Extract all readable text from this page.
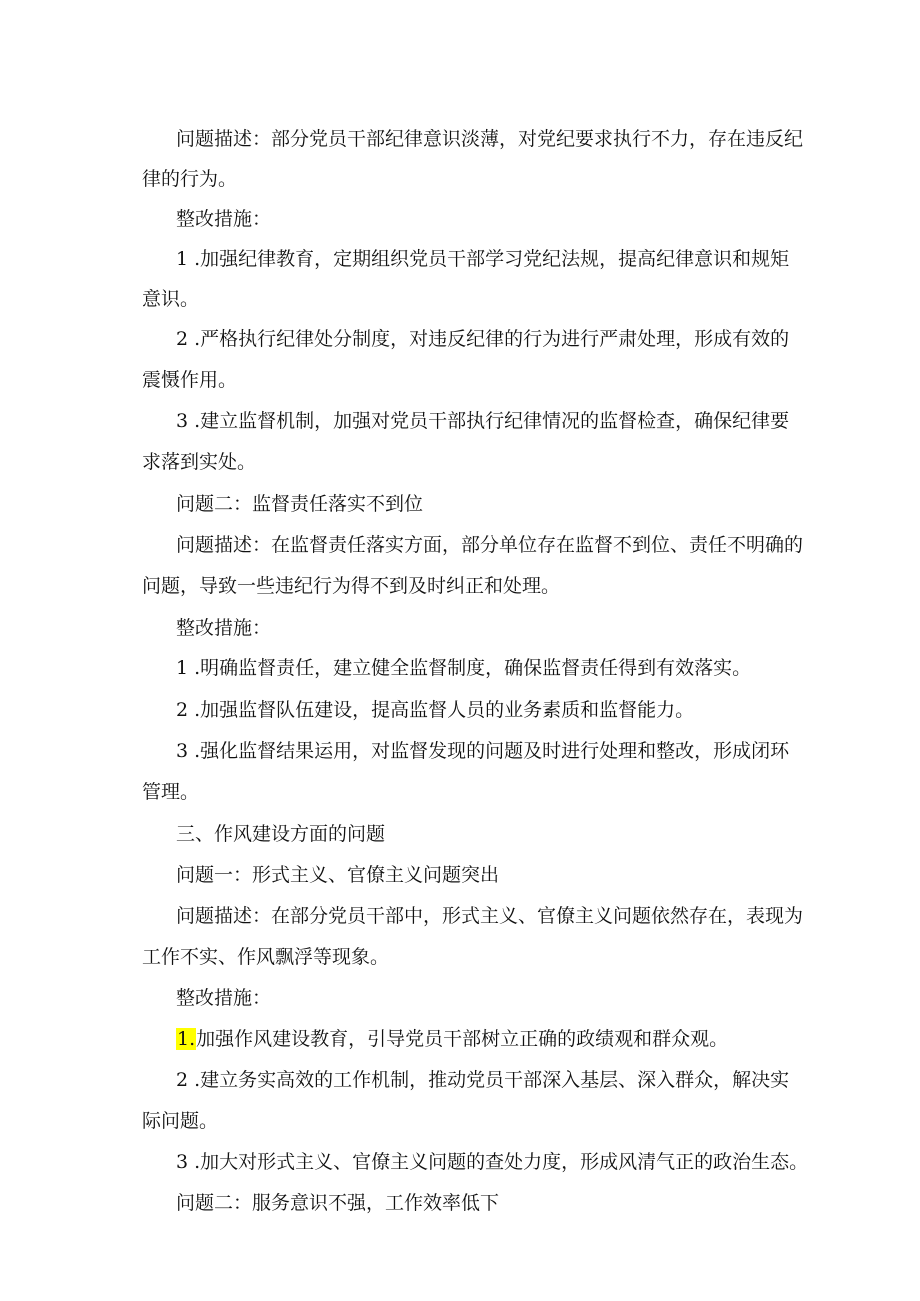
问题描述：部分党员干部纪律意识淡薄，对党纪要求执行不力，存在违反纪
律的行为。
整改措施：
1 .加强纪律教育，定期组织党员干部学习党纪法规，提高纪律意识和规矩
意识。
2 .严格执行纪律处分制度，对违反纪律的行为进行严肃处理，形成有效的
震慑作用。
3 .建立监督机制，加强对党员干部执行纪律情况的监督检查，确保纪律要
求落到实处。
问题二：监督责任落实不到位
问题描述：在监督责任落实方面，部分单位存在监督不到位、责任不明确的
问题，导致一些违纪行为得不到及时纠正和处理。
整改措施：
1 .明确监督责任，建立健全监督制度，确保监督责任得到有效落实。
2 .加强监督队伍建设，提高监督人员的业务素质和监督能力。
3 .强化监督结果运用，对监督发现的问题及时进行处理和整改，形成闭环
管理。
三、作风建设方面的问题
问题一：形式主义、官僚主义问题突出
问题描述：在部分党员干部中，形式主义、官僚主义问题依然存在，表现为
工作不实、作风飘浮等现象。
整改措施：
1.加强作风建设教育，引导党员干部树立正确的政绩观和群众观。
2 .建立务实高效的工作机制，推动党员干部深入基层、深入群众，解决实
际问题。
3 .加大对形式主义、官僚主义问题的查处力度，形成风清气正的政治生态。
问题二：服务意识不强，工作效率低下
